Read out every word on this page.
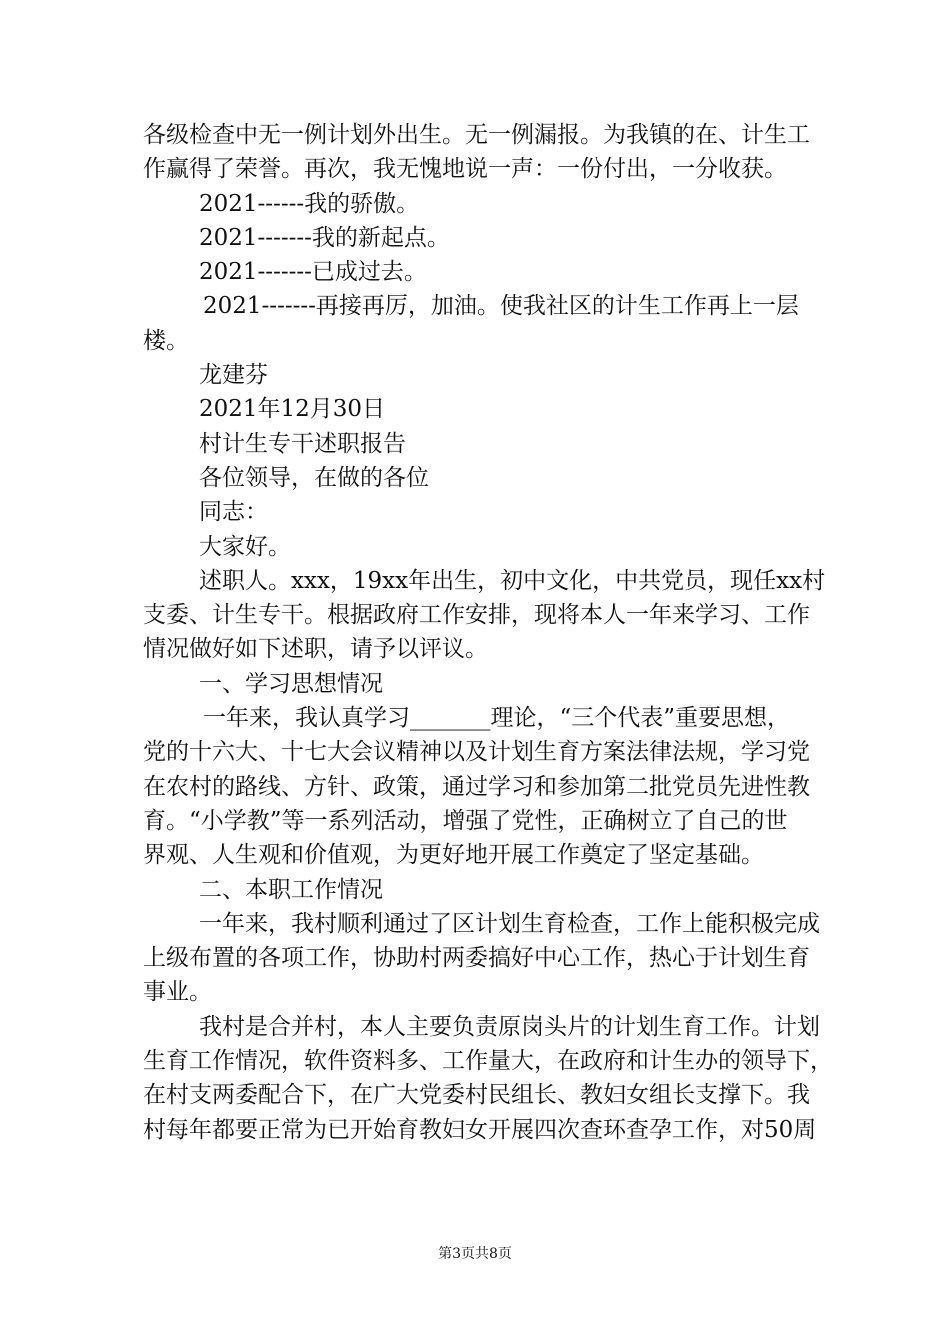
各级检查中无一例计划外出生。无一例漏报。为我镇的在、计生工
作赢得了荣誉。再次，我无愧地说一声：一份付出，一分收获。
2021------我的骄傲。
2021-------我的新起点。
2021-------已成过去。
2021-------再接再厉，加油。使我社区的计生工作再上一层
楼。
龙建芬
2021年12月30日
村计生专干述职报告
各位领导，在做的各位
同志：
大家好。
述职人。xxx，19xx年出生，初中文化，中共党员，现任xx村
支委、计生专干。根据政府工作安排，现将本人一年来学习、工作
情况做好如下述职，请予以评议。
一、学习思想情况
一年来，我认真学习_______理论，“三个代表”重要思想，
党的十六大、十七大会议精神以及计划生育方案法律法规，学习党
在农村的路线、方针、政策，通过学习和参加第二批党员先进性教
育。“小学教”等一系列活动，增强了党性，正确树立了自己的世
界观、人生观和价值观，为更好地开展工作奠定了坚定基础。
二、本职工作情况
一年来，我村顺利通过了区计划生育检查，工作上能积极完成
上级布置的各项工作，协助村两委搞好中心工作，热心于计划生育
事业。
我村是合并村，本人主要负责原岗头片的计划生育工作。计划
生育工作情况，软件资料多、工作量大，在政府和计生办的领导下，
在村支两委配合下，在广大党委村民组长、教妇女组长支撑下。我
村每年都要正常为已开始育教妇女开展四次查环查孕工作，对50周
第3页共8页
